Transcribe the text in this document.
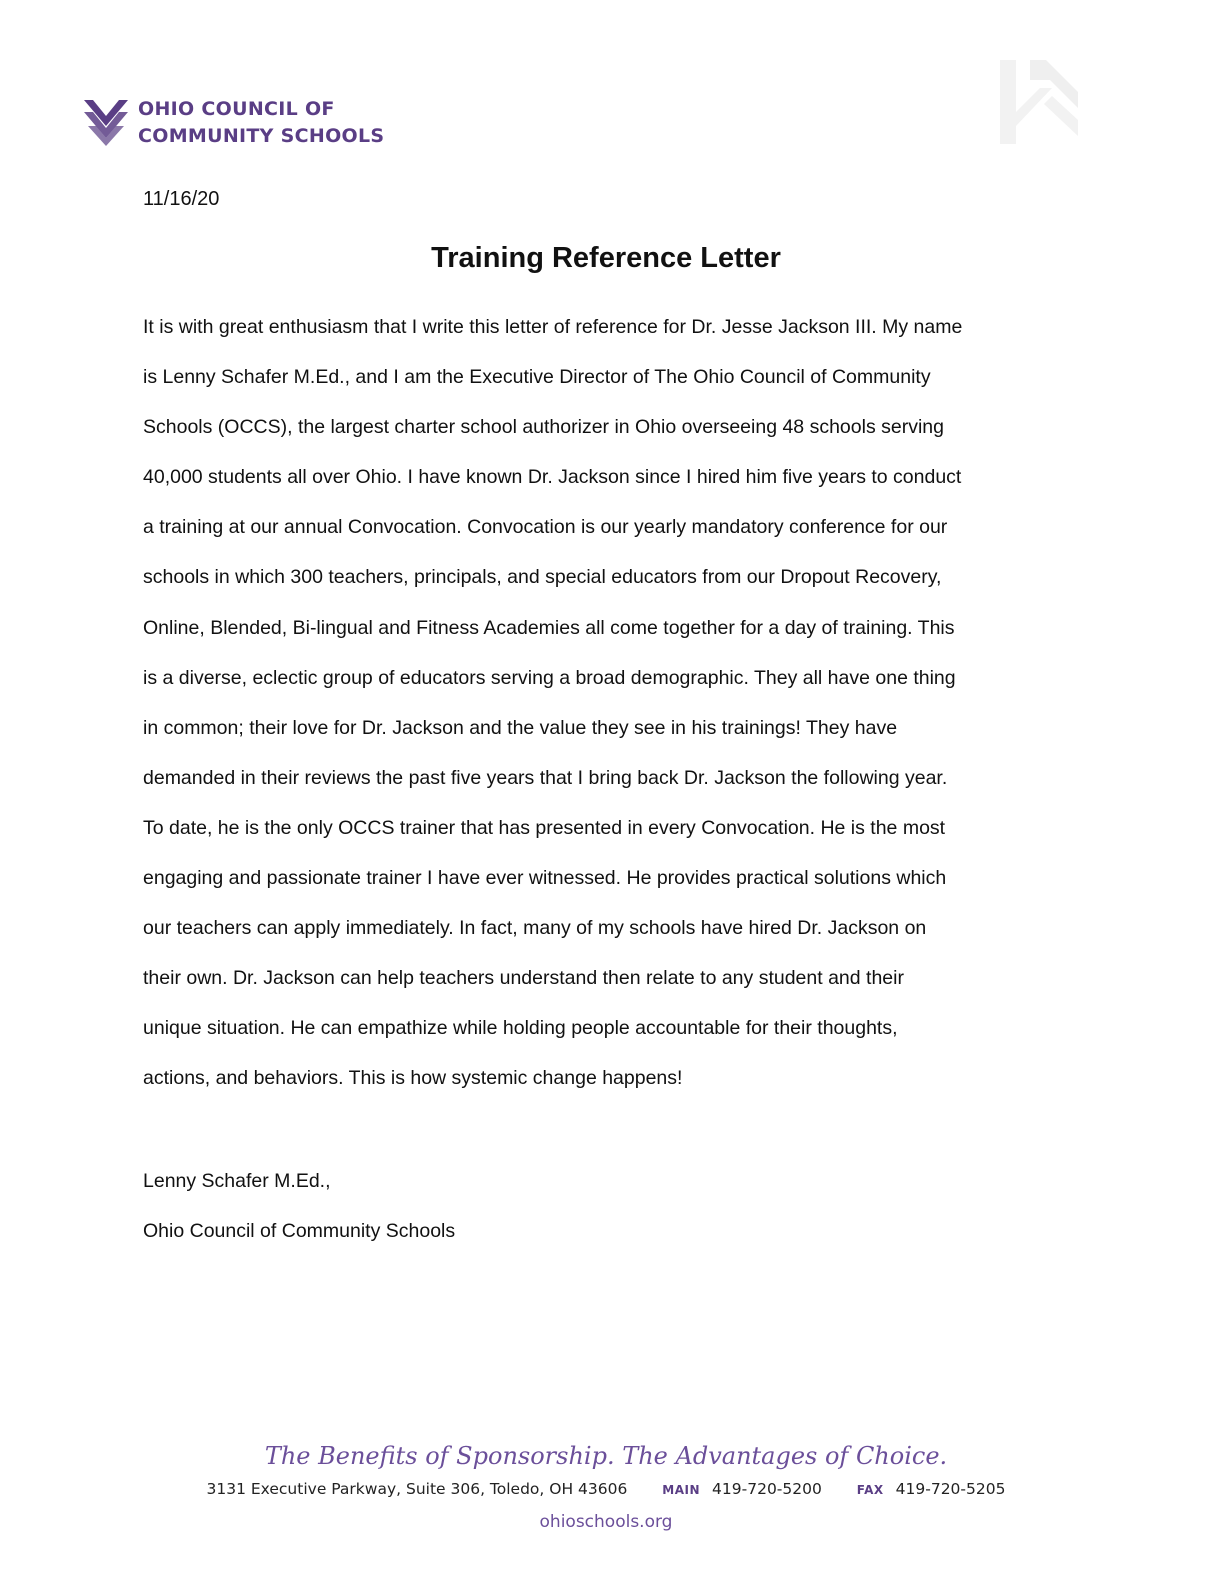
OHIO COUNCIL OF
COMMUNITY SCHOOLS
11/16/20
Training Reference Letter
It is with great enthusiasm that I write this letter of reference for Dr. Jesse Jackson III. My name
is Lenny Schafer M.Ed., and I am the Executive Director of The Ohio Council of Community
Schools (OCCS), the largest charter school authorizer in Ohio overseeing 48 schools serving
40,000 students all over Ohio. I have known Dr. Jackson since I hired him five years to conduct
a training at our annual Convocation. Convocation is our yearly mandatory conference for our
schools in which 300 teachers, principals, and special educators from our Dropout Recovery,
Online, Blended, Bi-lingual and Fitness Academies all come together for a day of training. This
is a diverse, eclectic group of educators serving a broad demographic. They all have one thing
in common; their love for Dr. Jackson and the value they see in his trainings! They have
demanded in their reviews the past five years that I bring back Dr. Jackson the following year.
To date, he is the only OCCS trainer that has presented in every Convocation. He is the most
engaging and passionate trainer I have ever witnessed. He provides practical solutions which
our teachers can apply immediately. In fact, many of my schools have hired Dr. Jackson on
their own. Dr. Jackson can help teachers understand then relate to any student and their
unique situation. He can empathize while holding people accountable for their thoughts,
actions, and behaviors. This is how systemic change happens!
Lenny Schafer M.Ed.,
Ohio Council of Community Schools
The Benefits of Sponsorship. The Advantages of Choice.
3131 Executive Parkway, Suite 306, Toledo, OH 43606	MAIN 419-720-5200	FAX 419-720-5205
ohioschools.org
